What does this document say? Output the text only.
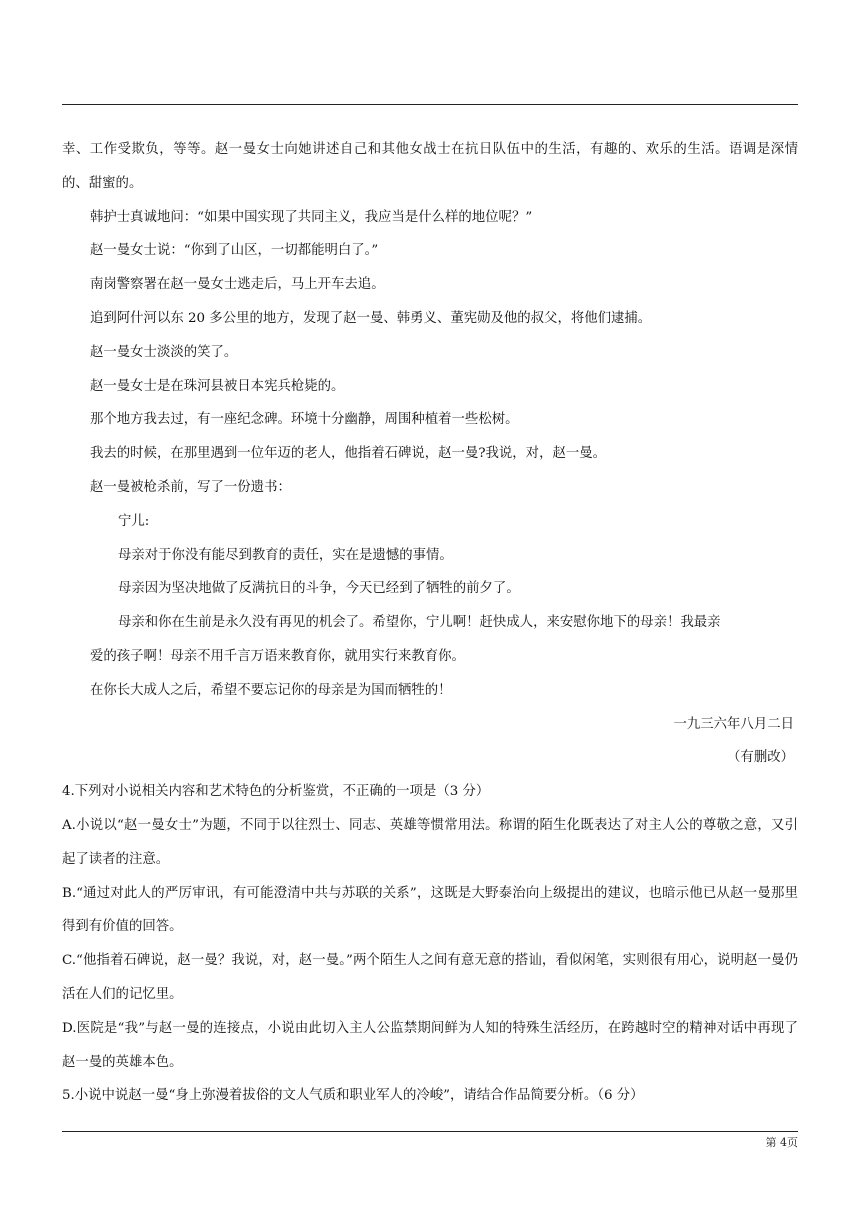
幸、工作受欺负，等等。赵一曼女士向她讲述自己和其他女战士在抗日队伍中的生活，有趣的、欢乐的生活。语调是深情的、甜蜜的。

韩护士真诚地问：“如果中国实现了共同主义，我应当是什么样的地位呢？”

赵一曼女士说：“你到了山区，一切都能明白了。”

南岗警察署在赵一曼女士逃走后，马上开车去追。

追到阿什河以东 20 多公里的地方，发现了赵一曼、韩勇义、董宪勋及他的叔父，将他们逮捕。

赵一曼女士淡淡的笑了。

赵一曼女士是在珠河县被日本宪兵枪毙的。

那个地方我去过，有一座纪念碑。环境十分幽静，周围种植着一些松树。

我去的时候，在那里遇到一位年迈的老人，他指着石碑说，赵一曼?我说，对，赵一曼。

赵一曼被枪杀前，写了一份遗书：

宁儿:

母亲对于你没有能尽到教育的责任，实在是遗憾的事情。

母亲因为坚决地做了反满抗日的斗争，今天已经到了牺牲的前夕了。

母亲和你在生前是永久没有再见的机会了。希望你，宁儿啊！赶快成人，来安慰你地下的母亲！我最亲

爱的孩子啊！母亲不用千言万语来教育你，就用实行来教育你。

在你长大成人之后，希望不要忘记你的母亲是为国而牺牲的！

一九三六年八月二日

（有删改）

4.下列对小说相关内容和艺术特色的分析鉴赏，不正确的一项是（3 分）

A.小说以“赵一曼女士”为题，不同于以往烈士、同志、英雄等惯常用法。称谓的陌生化既表达了对主人公的尊敬之意，又引起了读者的注意。

B.“通过对此人的严厉审讯，有可能澄清中共与苏联的关系”，这既是大野泰治向上级提出的建议，也暗示他已从赵一曼那里得到有价值的回答。

C.“他指着石碑说，赵一曼？我说，对，赵一曼。”两个陌生人之间有意无意的搭讪，看似闲笔，实则很有用心，说明赵一曼仍活在人们的记忆里。

D.医院是“我”与赵一曼的连接点，小说由此切入主人公监禁期间鲜为人知的特殊生活经历，在跨越时空的精神对话中再现了赵一曼的英雄本色。

5.小说中说赵一曼“身上弥漫着拔俗的文人气质和职业军人的冷峻”，请结合作品简要分析。（6 分）

第 4页
